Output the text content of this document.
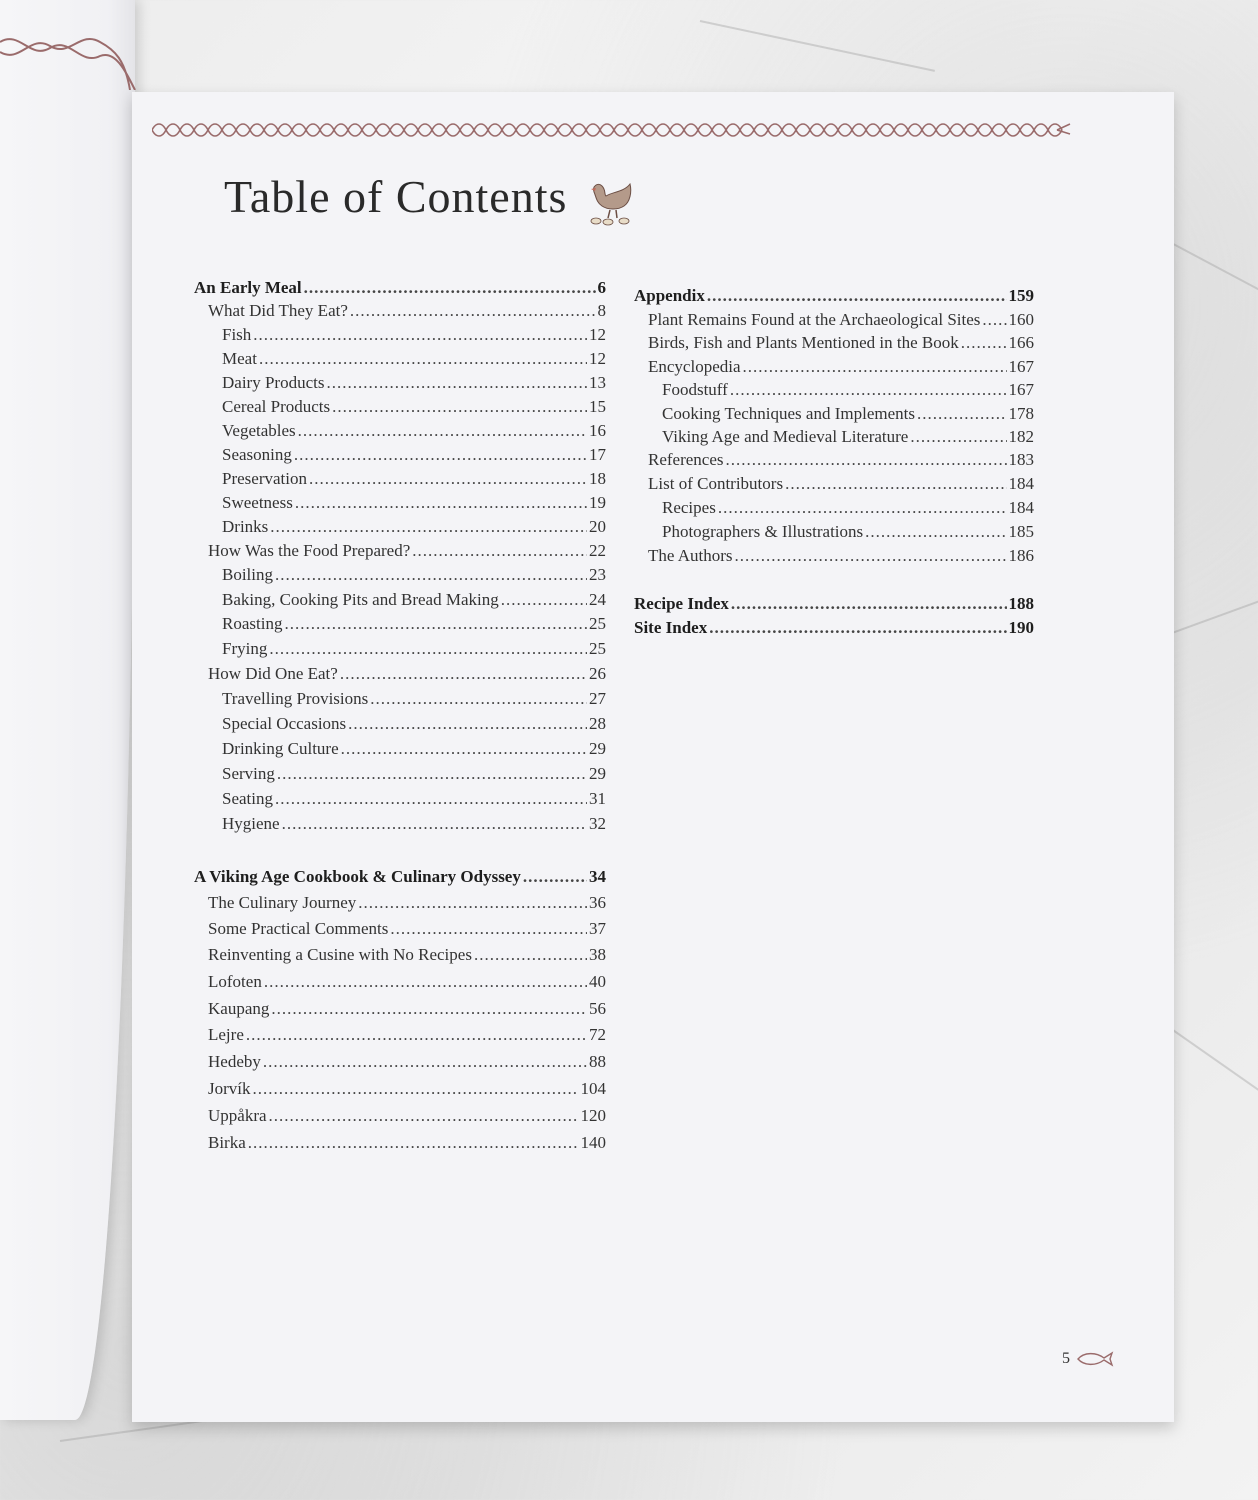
Table of Contents
An Early Meal .....	6
What Did They Eat? .....	8
Fish .....	12
Meat .....	12
Dairy Products .....	13
Cereal Products .....	15
Vegetables .....	16
Seasoning .....	17
Preservation .....	18
Sweetness .....	19
Drinks .....	20
How Was the Food Prepared? .....	22
Boiling .....	23
Baking, Cooking Pits and Bread Making .....	24
Roasting .....	25
Frying .....	25
How Did One Eat? .....	26
Travelling Provisions .....	27
Special Occasions .....	28
Drinking Culture .....	29
Serving .....	29
Seating .....	31
Hygiene .....	32
A Viking Age Cookbook & Culinary Odyssey .....	34
The Culinary Journey .....	36
Some Practical Comments .....	37
Reinventing a Cusine with No Recipes .....	38
Lofoten .....	40
Kaupang .....	56
Lejre .....	72
Hedeby .....	88
Jorvík .....	104
Uppåkra .....	120
Birka .....	140
Appendix .....	159
Plant Remains Found at the Archaeological Sites ..... 160
Birds, Fish and Plants Mentioned in the Book .....	166
Encyclopedia .....	167
Foodstuff .....	167
Cooking Techniques and Implements .....	178
Viking Age and Medieval Literature .....	182
References .....	183
List of Contributors .....	184
Recipes .....	184
Photographers & Illustrations .....	185
The Authors .....	186
Recipe Index .....	188
Site Index .....	190
5
